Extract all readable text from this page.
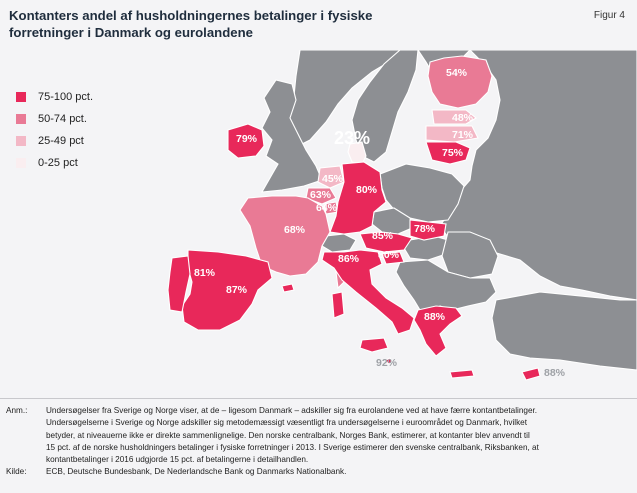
Kontanters andel af husholdningernes betalinger i fysiske
forretninger i Danmark og eurolandene
Figur 4
79%
54%
48%
71%
75%
23%
45%
63%
64%
80%
68%	78%
85%
80%
86%
81%
87%
88%
92%
88%
75-100 pct.
50-74 pct.
25-49 pct
0-25 pct
Anm.:	Undersøgelser fra Sverige og Norge viser, at de – ligesom Danmark – adskiller sig fra eurolandene ved at have færre kontantbetalinger.
Undersøgelserne i Sverige og Norge adskiller sig metodemæssigt væsentligt fra undersøgelserne i euroområdet og Danmark, hvilket
betyder, at niveauerne ikke er direkte sammenlignelige. Den norske centralbank, Norges Bank, estimerer, at kontanter blev anvendt til
15 pct. af de norske husholdningers betalinger i fysiske forretninger i 2013. I Sverige estimerer den svenske centralbank, Riksbanken, at
kontantbetalinger i 2016 udgjorde 15 pct. af betalingerne i detailhandlen.
Kilde:	ECB, Deutsche Bundesbank, De Nederlandsche Bank og Danmarks Nationalbank.
